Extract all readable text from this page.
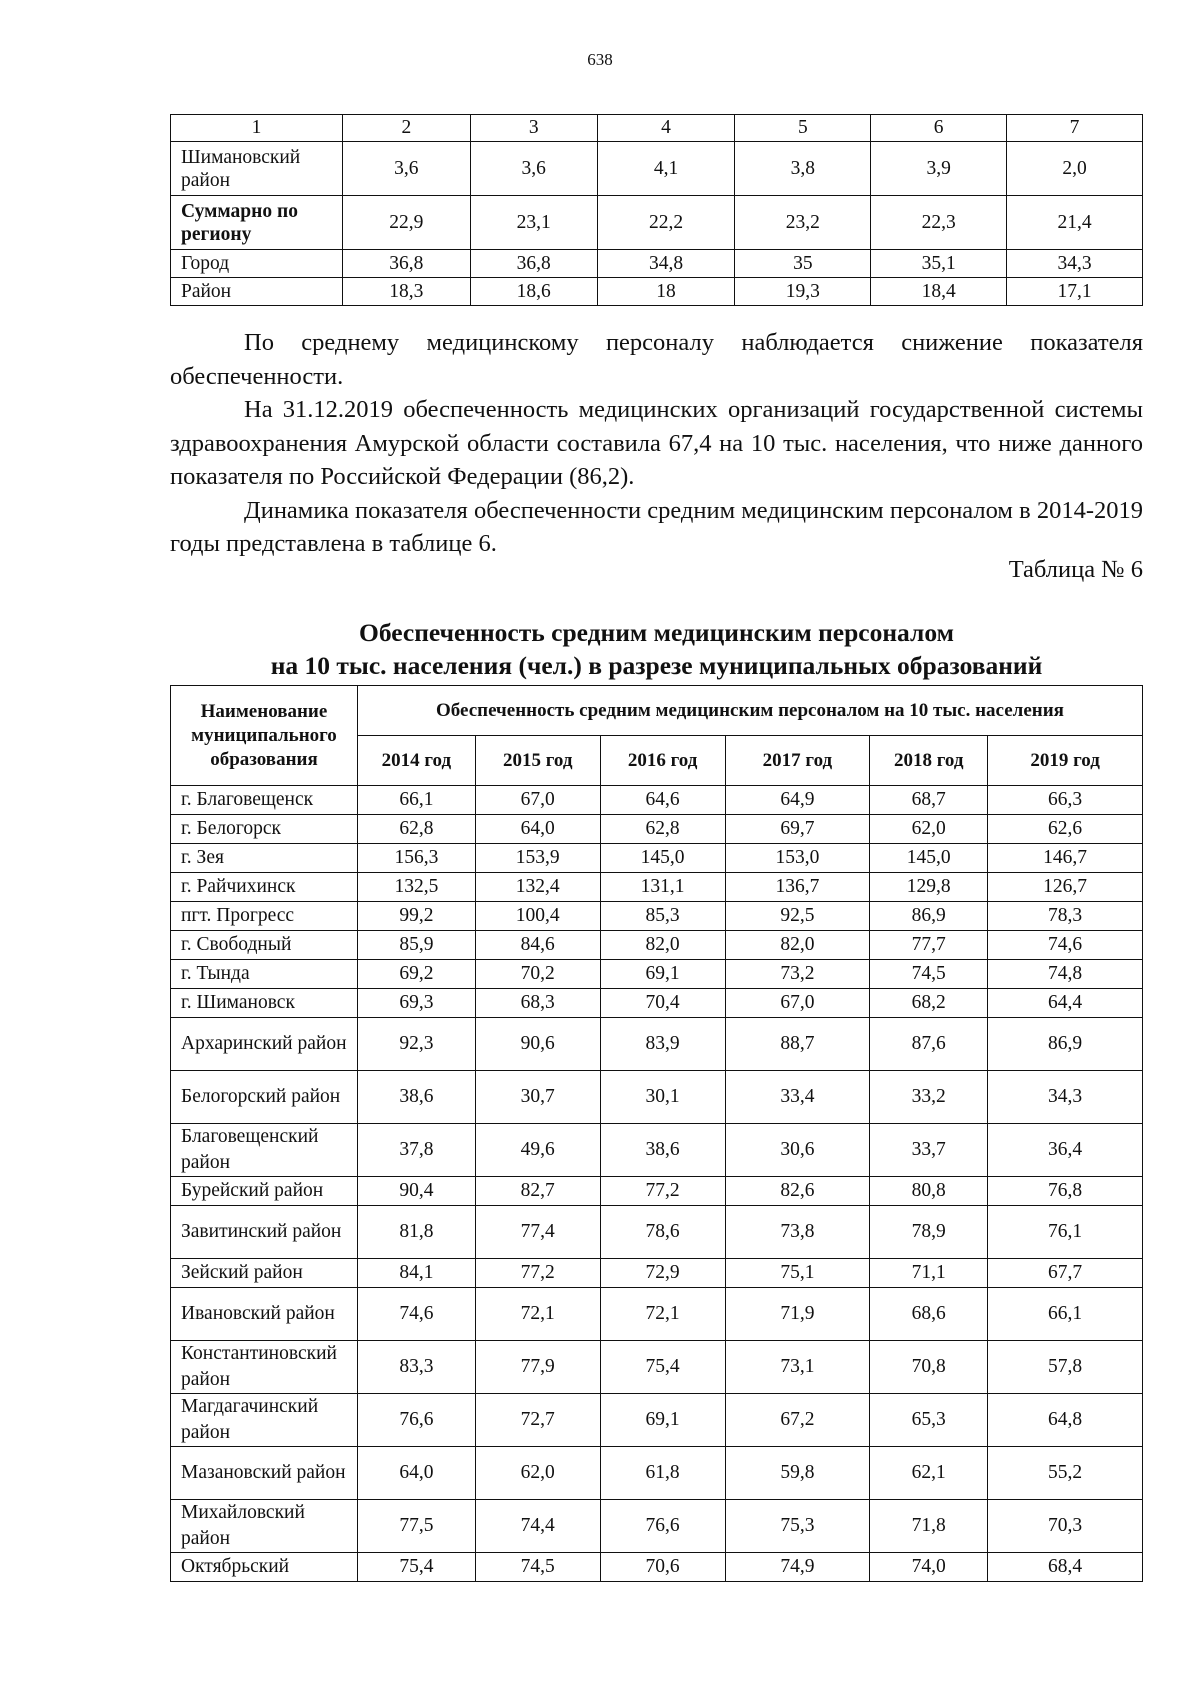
638
1	2	3	4	5	6	7
Шимановский район	3,6	3,6	4,1	3,8	3,9	2,0
Суммарно по региону	22,9	23,1	22,2	23,2	22,3	21,4
Город	36,8	36,8	34,8	35	35,1	34,3
Район	18,3	18,6	18	19,3	18,4	17,1

По среднему медицинскому персоналу наблюдается снижение показателя обеспеченности.

На 31.12.2019 обеспеченность медицинских организаций государственной системы здравоохранения Амурской области составила 67,4 на 10 тыс. населения, что ниже данного показателя по Российской Федерации (86,2).

Динамика показателя обеспеченности средним медицинским персоналом в 2014-2019 годы представлена в таблице 6.

Таблица № 6
Обеспеченность средним медицинским персоналом
на 10 тыс. населения (чел.) в разрезе муниципальных образований
Наименование муниципального образования	Обеспеченность средним медицинским персоналом на 10 тыс. населения					
	2014 год	2015 год	2016 год	2017 год	2018 год	2019 год
г. Благовещенск	66,1	67,0	64,6	64,9	68,7	66,3
г. Белогорск	62,8	64,0	62,8	69,7	62,0	62,6
г. Зея	156,3	153,9	145,0	153,0	145,0	146,7
г. Райчихинск	132,5	132,4	131,1	136,7	129,8	126,7
пгт. Прогресс	99,2	100,4	85,3	92,5	86,9	78,3
г. Свободный	85,9	84,6	82,0	82,0	77,7	74,6
г. Тында	69,2	70,2	69,1	73,2	74,5	74,8
г. Шимановск	69,3	68,3	70,4	67,0	68,2	64,4
Архаринский район	92,3	90,6	83,9	88,7	87,6	86,9
Белогорский район	38,6	30,7	30,1	33,4	33,2	34,3
Благовещенский район	37,8	49,6	38,6	30,6	33,7	36,4
Бурейский район	90,4	82,7	77,2	82,6	80,8	76,8
Завитинский район	81,8	77,4	78,6	73,8	78,9	76,1
Зейский район	84,1	77,2	72,9	75,1	71,1	67,7
Ивановский район	74,6	72,1	72,1	71,9	68,6	66,1
Константиновский район	83,3	77,9	75,4	73,1	70,8	57,8
Магдагачинский район	76,6	72,7	69,1	67,2	65,3	64,8
Мазановский район	64,0	62,0	61,8	59,8	62,1	55,2
Михайловский район	77,5	74,4	76,6	75,3	71,8	70,3
Октябрьский	75,4	74,5	70,6	74,9	74,0	68,4
